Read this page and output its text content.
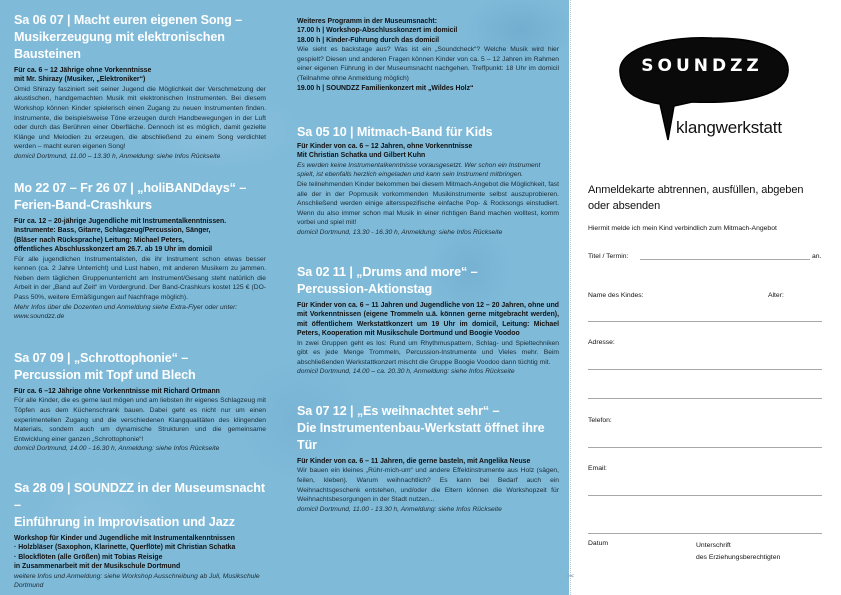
Sa 06 07 | Macht euren eigenen Song –
Musikerzeugung mit elektronischen Bausteinen
Für ca. 6 – 12 Jährige ohne Vorkenntnisse
mit Mr. Shirazy (Musiker, „Elektroniker“)
Omid Shirazy fasziniert seit seiner Jugend die Möglichkeit der Verschmelzung der akustischen, handgemachten Musik mit elektronischen Instrumenten. Bei diesem Workshop können Kinder spielerisch einen Zugang zu neuen Instrumenten finden. Instrumente, die beispielsweise Töne erzeugen durch Handbewegungen in der Luft oder durch das Berühren einer Oberfläche. Dennoch ist es möglich, damit gezielte Klänge und Melodien zu erzeugen, die abschließend zu einem Song verdichtet werden – macht euren eigenen Song!
domicil Dortmund, 11.00 – 13.30 h, Anmeldung: siehe Infos Rückseite
Mo 22 07 – Fr 26 07 | „holiBANDdays“ –
Ferien-Band-Crashkurs
Für ca. 12 – 20-jährige Jugendliche mit Instrumentalkenntnissen.
Instrumente: Bass, Gitarre, Schlagzeug/Percussion, Sänger,
(Bläser nach Rücksprache) Leitung: Michael Peters,
öffentliches Abschlusskonzert am 26.7. ab 19 Uhr im domicil
Für alle jugendlichen Instrumentalisten, die ihr Instrument schon etwas besser kennen (ca. 2 Jahre Unterricht) und Lust haben, mit anderen Musikern zu jammen. Neben dem täglichen Gruppenunterricht am Instrument/Gesang steht natürlich die Arbeit in der „Band auf Zeit“ im Vordergrund. Der Band-Crashkurs kostet 125 € (DO-Pass 50%, weitere Ermäßigungen auf Nachfrage möglich).
Mehr Infos über die Dozenten und Anmeldung siehe Extra-Flyer oder unter: www.soundzz.de
Sa 07 09 | „Schrottophonie“ –
Percussion mit Topf und Blech
Für ca. 6 –12 Jährige ohne Vorkenntnisse mit Richard Ortmann
Für alle Kinder, die es gerne laut mögen und am liebsten ihr eigenes Schlagzeug mit Töpfen aus dem Küchenschrank bauen. Dabei geht es nicht nur um einen experimentellen Zugang und die verschiedenen Klangqualitäten des klingenden Materials, sondern auch um dynamische Strukturen und die gemeinsame Entwicklung einer ganzen „Schrottophonie“!
domicil Dortmund, 14.00 - 16.30 h, Anmeldung: siehe Infos Rückseite
Sa 28 09 | SOUNDZZ in der Museumsnacht –
Einführung in Improvisation und Jazz
Workshop für Kinder und Jugendliche mit Instrumentalkenntnissen
· Holzbläser (Saxophon, Klarinette, Querflöte) mit Christian Schatka
· Blockflöten (alle Größen) mit Tobias Reisige
in Zusammenarbeit mit der Musikschule Dortmund
weitere Infos und Anmeldung: siehe Workshop Ausschreibung ab Juli, Musikschule Dortmund
Weiteres Programm in der Museumsnacht:
17.00 h | Workshop-Abschlusskonzert im domicil
18.00 h | Kinder-Führung durch das domicil
Wie sieht es backstage aus? Was ist ein „Soundcheck“? Welche Musik wird hier gespielt? Diesen und anderen Fragen können Kinder von ca. 5 – 12 Jahren im Rahmen einer eigenen Führung in der Museumsnacht nachgehen. Treffpunkt: 18 Uhr im domicil (Teilnahme ohne Anmeldung möglich)
19.00 h | SOUNDZZ Familienkonzert mit „Wildes Holz“
Sa 05 10 | Mitmach-Band für Kids
Für Kinder von ca. 6 – 12 Jahren, ohne Vorkenntnisse
Mit Christian Schatka und Gilbert Kuhn
Es werden keine Instrumentalkenntnisse vorausgesetzt. Wer schon ein Instrument spielt, ist ebenfalls herzlich eingeladen und kann sein Instrument mitbringen.
Die teilnehmenden Kinder bekommen bei diesem Mitmach-Angebot die Möglichkeit, fast alle der in der Popmusik vorkommenden Musikinstrumente selbst auszuprobieren. Anschließend werden einige altersspezifische einfache Pop- & Rocksongs einstudiert. Wenn du also immer schon mal Musik in einer richtigen Band machen wolltest, komm vorbei und spiel mit!
domicil Dortmund, 13.30 - 16.30 h, Anmeldung: siehe Infos Rückseite
Sa 02 11 | „Drums and more“ –
Percussion-Aktionstag
Für Kinder von ca. 6 – 11 Jahren und Jugendliche von 12 – 20 Jahren, ohne und mit Vorkenntnissen (eigene Trommeln u.ä. können gerne mitgebracht werden), mit öffentlichem Werkstattkonzert um 19 Uhr im domicil, Leitung: Michael Peters, Kooperation mit Musikschule Dortmund und Boogie Voodoo
In zwei Gruppen geht es los: Rund um Rhythmuspattern, Schlag- und Spieltechniken gibt es jede Menge Trommeln, Percussion-Instrumente und Vieles mehr. Beim abschließenden Werkstattkonzert mischt die Gruppe Boogie Voodoo dann tüchtig mit.
domicil Dortmund, 14.00 – ca. 20.30 h, Anmeldung: siehe Infos Rückseite
Sa 07 12 | „Es weihnachtet sehr“ –
Die Instrumentenbau-Werkstatt öffnet ihre Tür
Für Kinder von ca. 6 – 11 Jahren, die gerne basteln, mit Angelika Neuse
Wir bauen ein kleines „Rühr-mich-um“ und andere Effektinstrumente aus Holz (sägen, feilen, kleben). Warum weihnachtlich? Es kann bei Bedarf auch ein Weihnachtsgeschenk entstehen, und/oder die Eltern können die Workshopzeit für Weihnachtsbesorgungen in der Stadt nutzen...
domicil Dortmund, 11.00 - 13.30 h, Anmeldung: siehe Infos Rückseite
✂
SOUNDZZ
klangwerkstatt
Anmeldekarte abtrennen, ausfüllen, abgeben oder absenden
Hiermit melde ich mein Kind verbindlich zum Mitmach-Angebot
Titel / Termin:	an.
Name des Kindes:	Alter:
Adresse:
Telefon:
Email:
Datum	Unterschrift
des Erziehungsberechtigten
